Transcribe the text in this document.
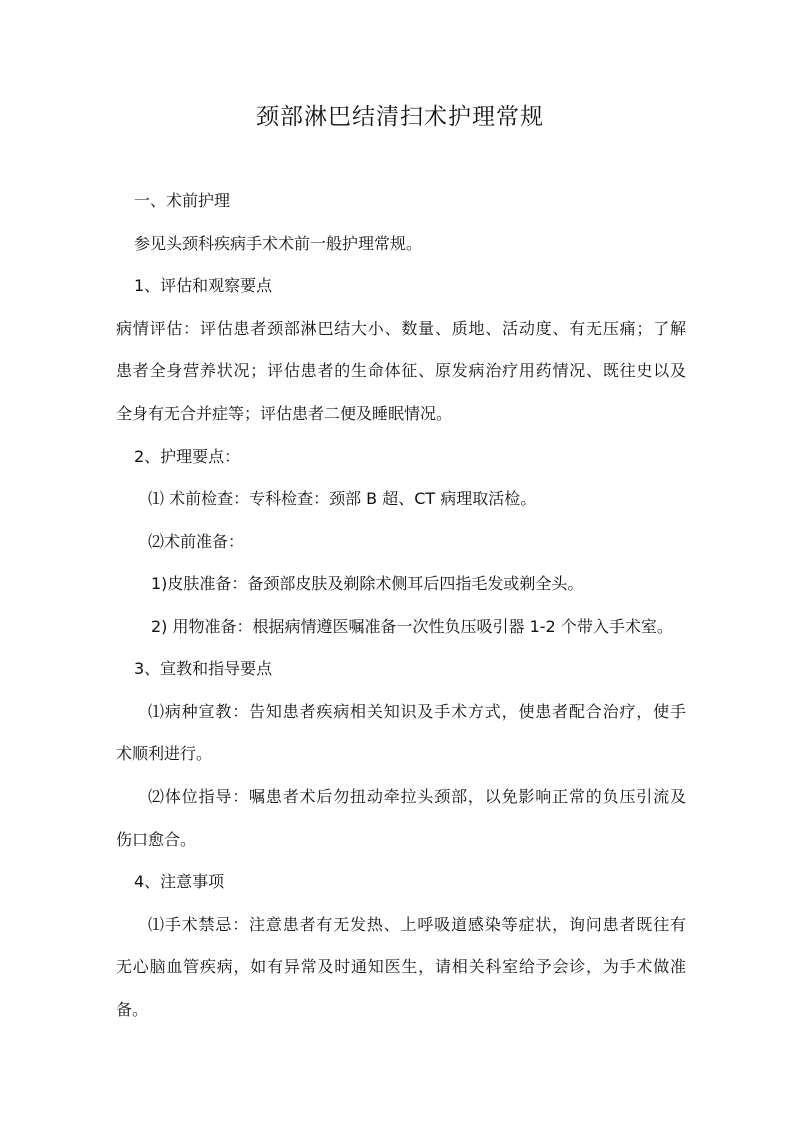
颈部淋巴结清扫术护理常规

一、术前护理

参见头颈科疾病手术术前一般护理常规。

1、评估和观察要点

病情评估：评估患者颈部淋巴结大小、数量、质地、活动度、有无压痛；了解

患者全身营养状况；评估患者的生命体征、原发病治疗用药情况、既往史以及

全身有无合并症等；评估患者二便及睡眠情况。

2、护理要点：

⑴ 术前检查：专科检查：颈部 B 超、CT 病理取活检。

⑵术前准备：

1)皮肤准备：备颈部皮肤及剃除术侧耳后四指毛发或剃全头。

2) 用物准备：根据病情遵医嘱准备一次性负压吸引器 1-2 个带入手术室。

3、宣教和指导要点

⑴病种宣教：告知患者疾病相关知识及手术方式，使患者配合治疗，使手

术顺利进行。

⑵体位指导：嘱患者术后勿扭动牵拉头颈部，以免影响正常的负压引流及

伤口愈合。

4、注意事项

⑴手术禁忌：注意患者有无发热、上呼吸道感染等症状，询问患者既往有

无心脑血管疾病，如有异常及时通知医生，请相关科室给予会诊，为手术做准

备。
